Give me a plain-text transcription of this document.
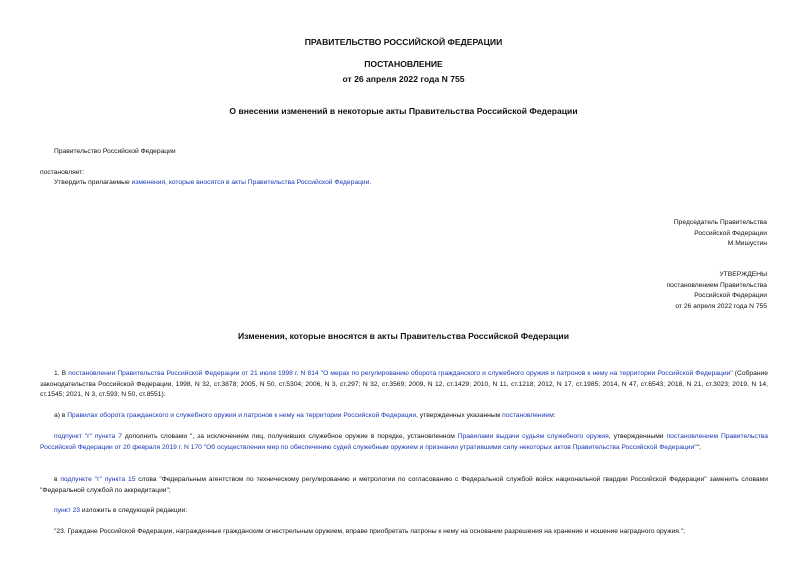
ПРАВИТЕЛЬСТВО РОССИЙСКОЙ ФЕДЕРАЦИИ
ПОСТАНОВЛЕНИЕ
от 26 апреля 2022 года N 755
О внесении изменений в некоторые акты Правительства Российской Федерации
Правительство Российской Федерации
постановляет:
Утвердить прилагаемые изменения, которые вносятся в акты Правительства Российской Федерации.
Председатель Правительства
Российской Федерации
М.Мишустин
УТВЕРЖДЕНЫ
постановлением Правительства
Российской Федерации
от 26 апреля 2022 года N 755
Изменения, которые вносятся в акты Правительства Российской Федерации
1. В постановлении Правительства Российской Федерации от 21 июля 1998 г. N 814 "О мерах по регулированию оборота гражданского и служебного оружия и патронов к нему на территории Российской Федерации" (Собрание законодательства Российской Федерации, 1998, N 32, ст.3878; 2005, N 50, ст.5304; 2006, N 3, ст.297; N 32, ст.3569; 2009, N 12, ст.1429; 2010, N 11, ст.1218; 2012, N 17, ст.1985; 2014, N 47, ст.6543; 2018, N 21, ст.3023; 2019, N 14, ст.1545; 2021, N 3, ст.593; N 50, ст.8551):
а) в Правилах оборота гражданского и служебного оружия и патронов к нему на территории Российской Федерации, утвержденных указанным постановлением:
подпункт "г" пункта 7 дополнить словами ", за исключением лиц, получивших служебное оружие в порядке, установленном Правилами выдачи судьям служебного оружия, утвержденными постановлением Правительства Российской Федерации от 20 февраля 2019 г. N 170 "Об осуществлении мер по обеспечению судей служебным оружием и признании утратившими силу некоторых актов Правительства Российской Федерации"";
в подпункте "г" пункта 15 слова "Федеральным агентством по техническому регулированию и метрологии по согласованию с Федеральной службой войск национальной гвардии Российской Федерации" заменить словами "Федеральной службой по аккредитации";
пункт 23 изложить в следующей редакции:
"23. Граждане Российской Федерации, награжденные гражданским огнестрельным оружием, вправе приобретать патроны к нему на основании разрешения на хранение и ношение наградного оружия.";
